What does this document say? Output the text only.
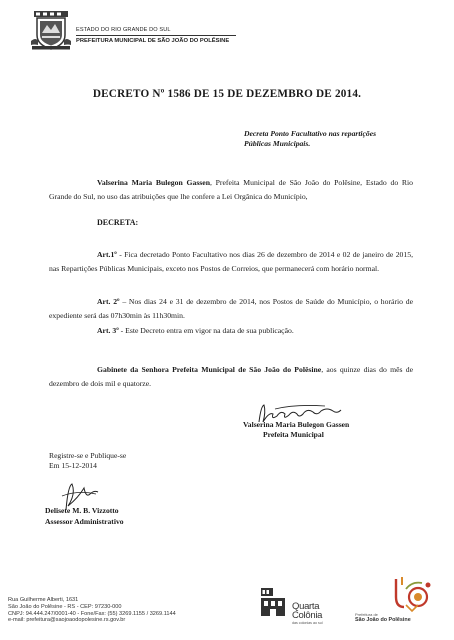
ESTADO DO RIO GRANDE DO SUL
PREFEITURA MUNICIPAL DE SÃO JOÃO DO POLÊSINE
DECRETO Nº 1586 DE 15 DE DEZEMBRO DE 2014.
Decreta Ponto Facultativo nas repartições
Públicas Municipais.
Valserina Maria Bulegon Gassen, Prefeita Municipal de São João do Polêsine, Estado do Rio Grande do Sul, no uso das atribuições que lhe confere a Lei Orgânica do Município,
DECRETA:
Art.1º - Fica decretado Ponto Facultativo nos dias 26 de dezembro de 2014 e 02 de janeiro de 2015, nas Repartições Públicas Municipais, exceto nos Postos de Correios, que permanecerá com horário normal.
Art. 2º – Nos dias 24 e 31 de dezembro de 2014, nos Postos de Saúde do Município, o horário de expediente será das 07h30min às 11h30min.
Art. 3º - Este Decreto entra em vigor na data de sua publicação.
Gabinete da Senhora Prefeita Municipal de São João do Polêsine, aos quinze dias do mês de dezembro de dois mil e quatorze.
Valserina Maria Bulegon Gassen
Prefeita Municipal
Registre-se e Publique-se
Em 15-12-2014
Delisete M. B. Vizzotto
Assessor Administrativo
Rua Guilherme Alberti, 1631
São João do Polêsine - RS - CEP: 97230-000
CNPJ: 94.444.247/0001-40 - Fone/Fax: (55) 3269.1155 / 3269.1144
e-mail: prefeitura@saojoaodopolesine.rs.gov.br
Quarta
Colônia
das colonias ao sul
Prefeitura de
São João do Polêsine
